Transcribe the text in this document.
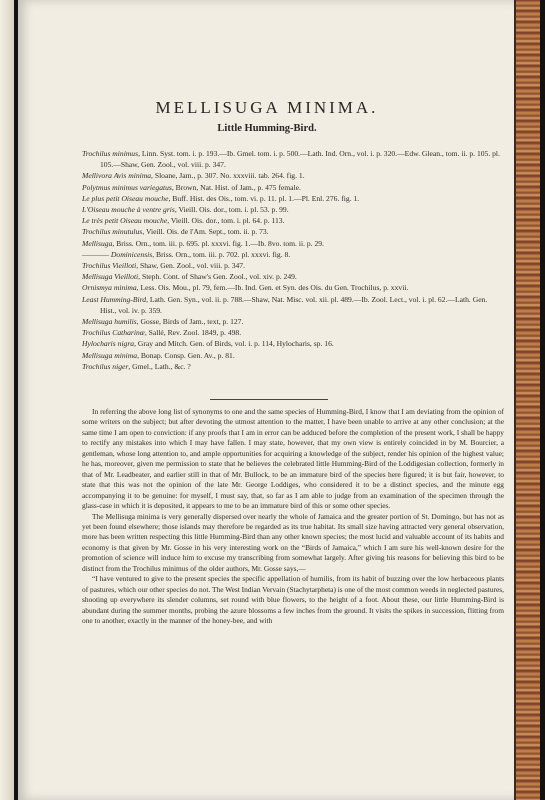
MELLISUGA MINIMA.
Little Humming-Bird.

Trochilus minimus, Linn. Syst. tom. i. p. 193.—Ib. Gmel. tom. i. p. 500.—Lath. Ind. Orn., vol. i. p. 320.—Edw. Glean., tom. ii. p. 105. pl. 105.—Shaw, Gen. Zool., vol. viii. p. 347.

Mellivora Avis minima, Sloane, Jam., p. 307. No. xxxviii. tab. 264. fig. 1.

Polytmus minimus variegatus, Brown, Nat. Hist. of Jam., p. 475 female.

Le plus petit Oiseau mouche, Buff. Hist. des Ois., tom. vi. p. 11. pl. 1.—Pl. Enl. 276. fig. 1.

L'Oiseau mouche à ventre gris, Vieill. Ois. dor., tom. i. pl. 53. p. 99.

Le très petit Oiseau mouche, Vieill. Ois. dor., tom. i. pl. 64. p. 113.

Trochilus minutulus, Vieill. Ois. de l'Am. Sept., tom. ii. p. 73.

Mellisuga, Briss. Orn., tom. iii. p. 695. pl. xxxvi. fig. 1.—Ib. 8vo. tom. ii. p. 29.

———— Dominicensis, Briss. Orn., tom. iii. p. 702. pl. xxxvi. fig. 8.

Trochilus Vieilloti, Shaw, Gen. Zool., vol. viii. p. 347.

Mellisuga Vieilloti, Steph. Cont. of Shaw's Gen. Zool., vol. xiv. p. 249.

Ornismya minima, Less. Ois. Mou., pl. 79, fem.—Ib. Ind. Gen. et Syn. des Ois. du Gen. Trochilus, p. xxvii.

Least Humming-Bird, Lath. Gen. Syn., vol. ii. p. 788.—Shaw, Nat. Misc. vol. xii. pl. 489.—Ib. Zool. Lect., vol. i. pl. 62.—Lath. Gen. Hist., vol. iv. p. 359.

Mellisuga humilis, Gosse, Birds of Jam., text, p. 127.

Trochilus Catharinæ, Sallé, Rev. Zool. 1849, p. 498.

Hylocharis nigra, Gray and Mitch. Gen. of Birds, vol. i. p. 114, Hylocharis, sp. 16.

Mellisuga minima, Bonap. Consp. Gen. Av., p. 81.

Trochilus niger, Gmel., Lath., &c. ?

In referring the above long list of synonyms to one and the same species of Humming-Bird, I know that I am deviating from the opinion of some writers on the subject; but after devoting the utmost attention to the matter, I have been unable to arrive at any other conclusion; at the same time I am open to conviction: if any proofs that I am in error can be adduced before the completion of the present work, I shall be happy to rectify any mistakes into which I may have fallen. I may state, however, that my own view is entirely coincided in by M. Bourcier, a gentleman, whose long attention to, and ample opportunities for acquiring a knowledge of the subject, render his opinion of the highest value; he has, moreover, given me permission to state that he believes the celebrated little Humming-Bird of the Loddigesian collection, formerly in that of Mr. Leadbeater, and earlier still in that of Mr. Bullock, to be an immature bird of the species here figured; it is but fair, however, to state that this was not the opinion of the late Mr. George Loddiges, who considered it to be a distinct species, and the minute egg accompanying it to be genuine: for myself, I must say, that, so far as I am able to judge from an examination of the specimen through the glass-case in which it is deposited, it appears to me to be an immature bird of this or some other species.

The Mellisuga minima is very generally dispersed over nearly the whole of Jamaica and the greater portion of St. Domingo, but has not as yet been found elsewhere; those islands may therefore be regarded as its true habitat. Its small size having attracted very general observation, more has been written respecting this little Humming-Bird than any other known species; the most lucid and valuable account of its habits and economy is that given by Mr. Gosse in his very interesting work on the “Birds of Jamaica,” which I am sure his well-known desire for the promotion of science will induce him to excuse my transcribing from somewhat largely. After giving his reasons for believing this bird to be distinct from the Trochilus minimus of the older authors, Mr. Gosse says,—

“I have ventured to give to the present species the specific appellation of humilis, from its habit of buzzing over the low herbaceous plants of pastures, which our other species do not. The West Indian Vervain (Stachytarpheta) is one of the most common weeds in neglected pastures, shooting up everywhere its slender columns, set round with blue flowers, to the height of a foot. About these, our little Humming-Bird is abundant during the summer months, probing the azure blossoms a few inches from the ground. It visits the spikes in succession, flitting from one to another, exactly in the manner of the honey-bee, and with
